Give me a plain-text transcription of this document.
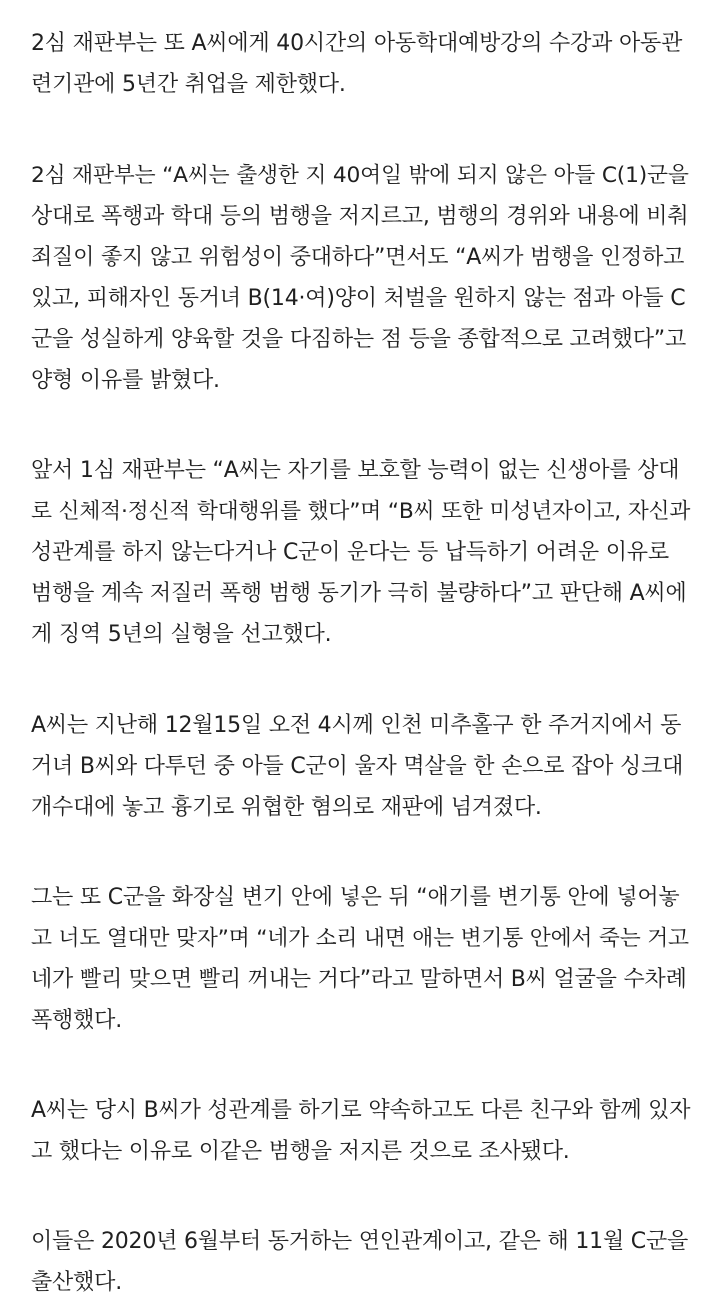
2심 재판부는 또 A씨에게 40시간의 아동학대예방강의 수강과 아동관
련기관에 5년간 취업을 제한했다.
2심 재판부는 “A씨는 출생한 지 40여일 밖에 되지 않은 아들 C(1)군을
상대로 폭행과 학대 등의 범행을 저지르고, 범행의 경위와 내용에 비춰
죄질이 좋지 않고 위험성이 중대하다”면서도 “A씨가 범행을 인정하고
있고, 피해자인 동거녀 B(14·여)양이 처벌을 원하지 않는 점과 아들 C
군을 성실하게 양육할 것을 다짐하는 점 등을 종합적으로 고려했다”고
양형 이유를 밝혔다.
앞서 1심 재판부는 “A씨는 자기를 보호할 능력이 없는 신생아를 상대
로 신체적·정신적 학대행위를 했다”며 “B씨 또한 미성년자이고, 자신과
성관계를 하지 않는다거나 C군이 운다는 등 납득하기 어려운 이유로
범행을 계속 저질러 폭행 범행 동기가 극히 불량하다”고 판단해 A씨에
게 징역 5년의 실형을 선고했다.
A씨는 지난해 12월15일 오전 4시께 인천 미추홀구 한 주거지에서 동
거녀 B씨와 다투던 중 아들 C군이 울자 멱살을 한 손으로 잡아 싱크대
개수대에 놓고 흉기로 위협한 혐의로 재판에 넘겨졌다.
그는 또 C군을 화장실 변기 안에 넣은 뒤 “애기를 변기통 안에 넣어놓
고 너도 열대만 맞자”며 “네가 소리 내면 애는 변기통 안에서 죽는 거고
네가 빨리 맞으면 빨리 꺼내는 거다”라고 말하면서 B씨 얼굴을 수차례
폭행했다.
A씨는 당시 B씨가 성관계를 하기로 약속하고도 다른 친구와 함께 있자
고 했다는 이유로 이같은 범행을 저지른 것으로 조사됐다.
이들은 2020년 6월부터 동거하는 연인관계이고, 같은 해 11월 C군을
출산했다.
